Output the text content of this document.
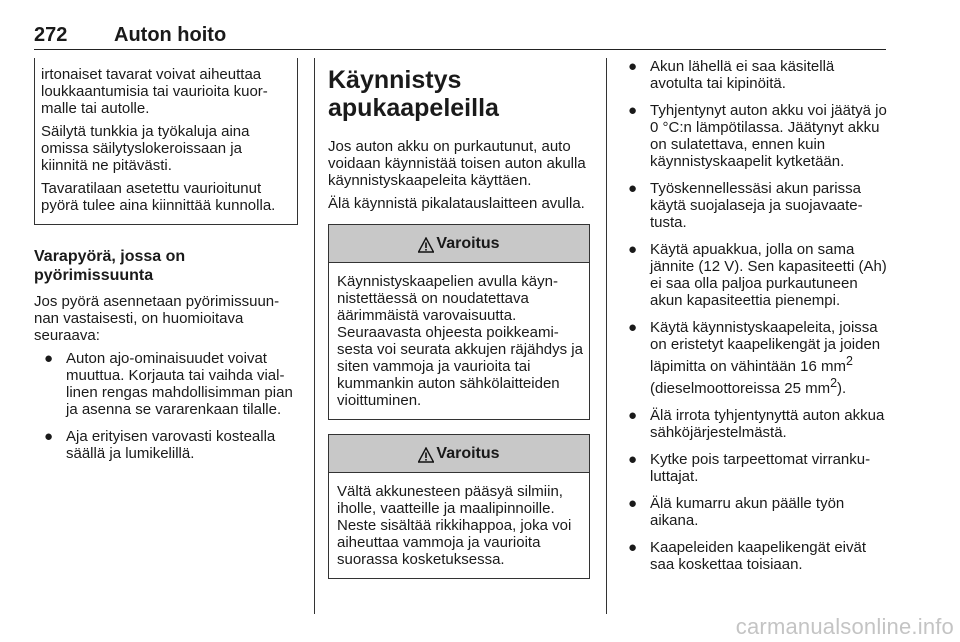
272 Auton hoito

irtonaiset tavarat voivat aiheuttaa loukkaantumisia tai vaurioita kuormalle tai autolle.

Säilytä tunkkia ja työkaluja aina omissa säilytyslokeroissaan ja kiinnitä ne pitävästi.

Tavaratilaan asetettu vaurioitunut pyörä tulee aina kiinnittää kunnolla.

Varapyörä, jossa on pyörimissuunta

Jos pyörä asennetaan pyörimissuunnan vastaisesti, on huomioitava seuraava:

● Auton ajo-ominaisuudet voivat muuttua. Korjauta tai vaihda viallinen rengas mahdollisimman pian ja asenna se vararenkaan tilalle.
● Aja erityisen varovasti kostealla säällä ja lumikelillä.
Käynnistys apukaapeleilla

Jos auton akku on purkautunut, auto voidaan käynnistää toisen auton akulla käynnistyskaapeleita käyttäen.

Älä käynnistä pikalatauslaitteen avulla.

Varoitus
Käynnistyskaapelien avulla käynnistettäessä on noudatettava äärimmäistä varovaisuutta. Seuraavasta ohjeesta poikkeamisesta voi seurata akkujen räjähdys ja siten vammoja ja vaurioita tai kummankin auton sähkölaitteiden vioittuminen.
Varoitus
Vältä akkunesteen pääsyä silmiin, iholle, vaatteille ja maalipinnoille. Neste sisältää rikkihappoa, joka voi aiheuttaa vammoja ja vaurioita suorassa kosketuksessa.
● Akun lähellä ei saa käsitellä avotulta tai kipinöitä.
● Tyhjentynyt auton akku voi jäätyä jo 0 °C:n lämpötilassa. Jäätynyt akku on sulatettava, ennen kuin käynnistyskaapelit kytketään.
● Työskennellessäsi akun parissa käytä suojalaseja ja suojavaatetusta.
● Käytä apuakkua, jolla on sama jännite (12 V). Sen kapasiteetti (Ah) ei saa olla paljoa purkautuneen akun kapasiteettia pienempi.
● Käytä käynnistyskaapeleita, joissa on eristetyt kaapelikengät ja joiden läpimitta on vähintään 16 $mm^2$ (dieselmoottoreissa 25 $mm^2$).
● Älä irrota tyhjentynyttä auton akkua sähköjärjestelmästä.
● Kytke pois tarpeettomat virrankuluttajat.
● Älä kumarru akun päälle työn aikana.
● Kaapeleiden kaapelikengät eivät saa koskettaa toisiaan.
carmanualsonline.info
